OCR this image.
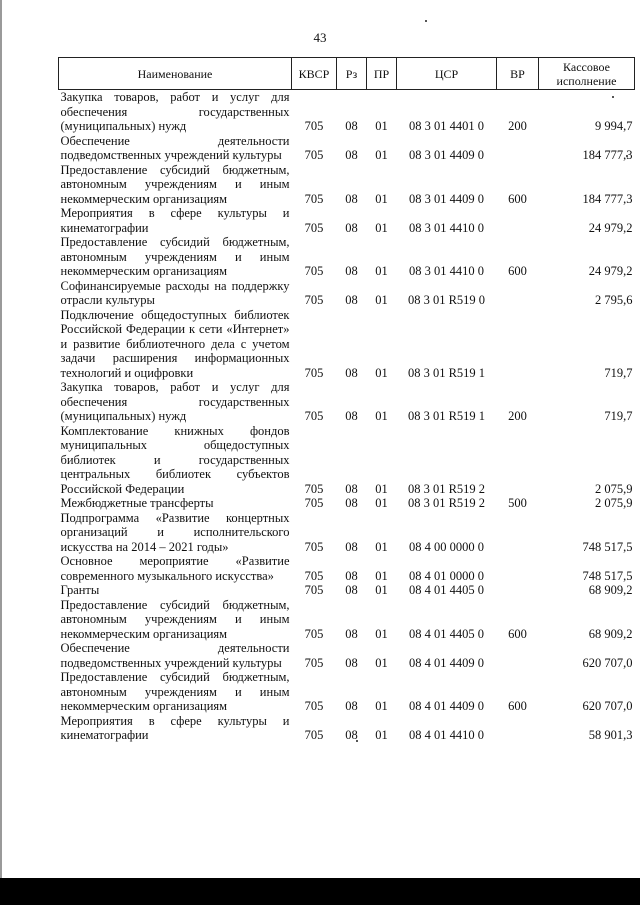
43
Наименование	КВСР	Рз	ПР	ЦСР	ВР	Кассовое исполнение
Закупка товаров, работ и услуг для обеспечения государственных (муниципальных) нужд	705	08	01	08 3 01 4401 0	200	9 994,7
Обеспечение деятельности подведомственных учреждений культуры	705	08	01	08 3 01 4409 0		184 777,3
Предоставление субсидий бюджетным, автономным учреждениям и иным некоммерческим организациям	705	08	01	08 3 01 4409 0	600	184 777,3
Мероприятия в сфере культуры и кинематографии	705	08	01	08 3 01 4410 0		24 979,2
Предоставление субсидий бюджетным, автономным учреждениям и иным некоммерческим организациям	705	08	01	08 3 01 4410 0	600	24 979,2
Софинансируемые расходы на поддержку отрасли культуры	705	08	01	08 3 01 R519 0		2 795,6
Подключение общедоступных библиотек Российской Федерации к сети «Интернет» и развитие библиотечного дела с учетом задачи расширения информационных технологий и оцифровки	705	08	01	08 3 01 R519 1		719,7
Закупка товаров, работ и услуг для обеспечения государственных (муниципальных) нужд	705	08	01	08 3 01 R519 1	200	719,7
Комплектование книжных фондов муниципальных общедоступных библиотек и государственных центральных библиотек субъектов Российской Федерации	705	08	01	08 3 01 R519 2		2 075,9
Межбюджетные трансферты	705	08	01	08 3 01 R519 2	500	2 075,9
Подпрограмма «Развитие концертных организаций и исполнительского искусства на 2014 – 2021 годы»	705	08	01	08 4 00 0000 0		748 517,5
Основное мероприятие «Развитие современного музыкального искусства»	705	08	01	08 4 01 0000 0		748 517,5
Гранты	705	08	01	08 4 01 4405 0		68 909,2
Предоставление субсидий бюджетным, автономным учреждениям и иным некоммерческим организациям	705	08	01	08 4 01 4405 0	600	68 909,2
Обеспечение деятельности подведомственных учреждений культуры	705	08	01	08 4 01 4409 0		620 707,0
Предоставление субсидий бюджетным, автономным учреждениям и иным некоммерческим организациям	705	08	01	08 4 01 4409 0	600	620 707,0
Мероприятия в сфере культуры и кинематографии	705	08	01	08 4 01 4410 0		58 901,3
